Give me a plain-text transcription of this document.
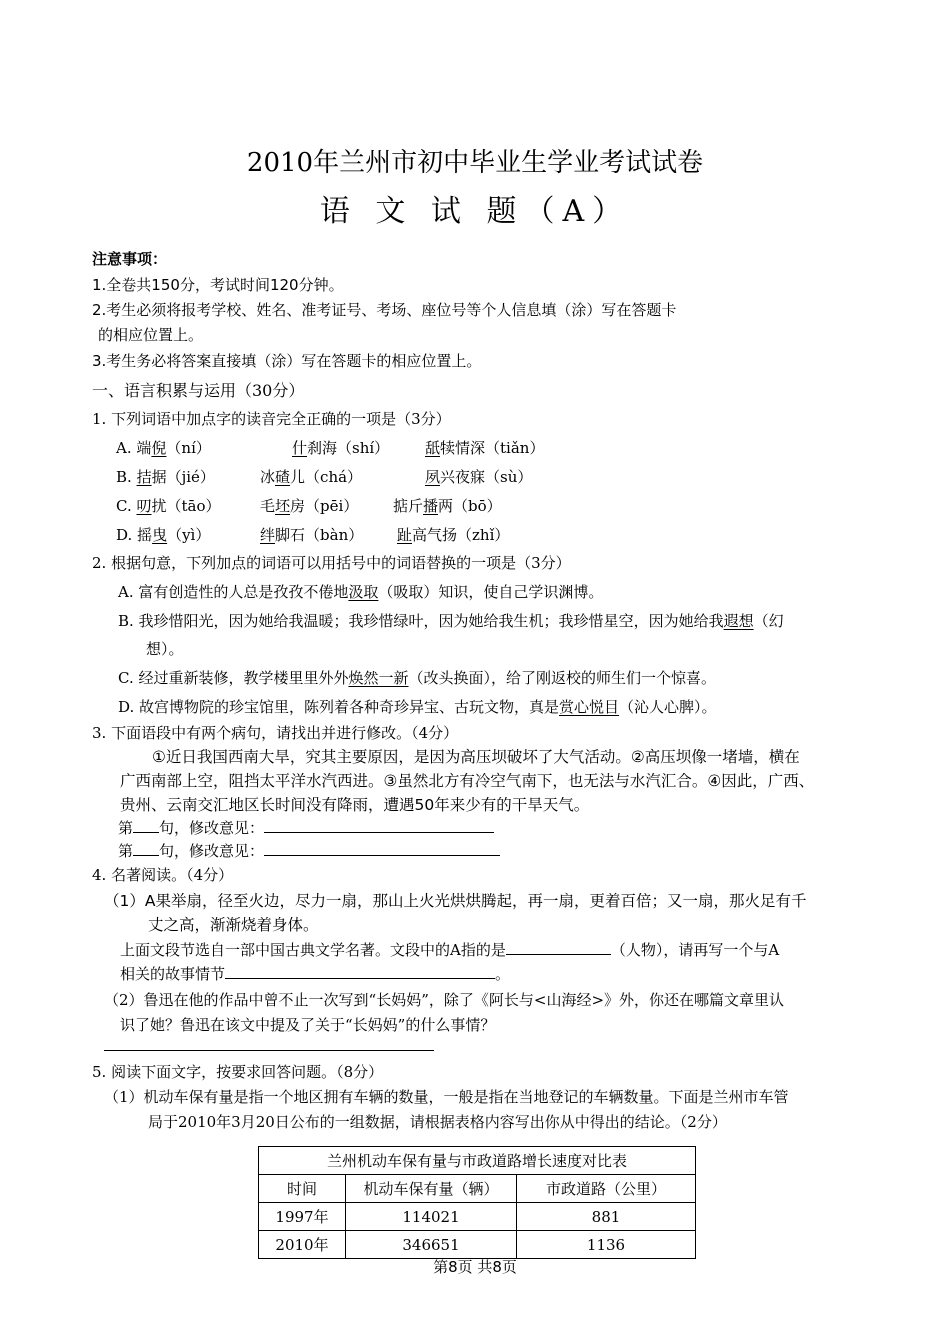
2010年兰州市初中毕业生学业考试试卷
语 文 试 题（A）
注意事项：
1.全卷共150分，考试时间120分钟。
2.考生必须将报考学校、姓名、准考证号、考场、座位号等个人信息填（涂）写在答题卡
的相应位置上。
3.考生务必将答案直接填（涂）写在答题卡的相应位置上。
一、语言积累与运用（30分）
1. 下列词语中加点字的读音完全正确的一项是（3分）
A. 端倪（ní）	什刹海（shí） 舐犊情深（tiǎn）
B. 拮据（jié）	冰碴儿（chá）	夙兴夜寐（sù）
C. 叨扰（tāo）	毛坯房（pēi） 掂斤播两（bō）
D. 摇曳（yì）	绊脚石（bàn） 趾高气扬（zhǐ）
2. 根据句意，下列加点的词语可以用括号中的词语替换的一项是（3分）
A. 富有创造性的人总是孜孜不倦地汲取（吸取）知识，使自己学识渊博。
B. 我珍惜阳光，因为她给我温暖；我珍惜绿叶，因为她给我生机；我珍惜星空，因为她给我遐想（幻
想）。
C. 经过重新装修，教学楼里里外外焕然一新（改头换面），给了刚返校的师生们一个惊喜。
D. 故宫博物院的珍宝馆里，陈列着各种奇珍异宝、古玩文物，真是赏心悦目（沁人心脾）。
3. 下面语段中有两个病句，请找出并进行修改。（4分）
①近日我国西南大旱，究其主要原因，是因为高压坝破坏了大气活动。②高压坝像一堵墙，横在
广西南部上空，阻挡太平洋水汽西进。③虽然北方有冷空气南下，也无法与水汽汇合。④因此，广西、
贵州、云南交汇地区长时间没有降雨，遭遇50年来少有的干旱天气。
第 句，修改意见：
第 句，修改意见：
4. 名著阅读。（4分）
（1）A果举扇，径至火边，尽力一扇，那山上火光烘烘腾起，再一扇，更着百倍；又一扇，那火足有千
丈之高，渐渐烧着身体。
上面文段节选自一部中国古典文学名著。文段中的A指的是	（人物），请再写一个与A
相关的故事情节	。
（2）鲁迅在他的作品中曾不止一次写到“长妈妈”，除了《阿长与<山海经>》外，你还在哪篇文章里认
识了她？鲁迅在该文中提及了关于“长妈妈”的什么事情？
5. 阅读下面文字，按要求回答问题。（8分）
（1）机动车保有量是指一个地区拥有车辆的数量，一般是指在当地登记的车辆数量。下面是兰州市车管
局于2010年3月20日公布的一组数据，请根据表格内容写出你从中得出的结论。（2分）
兰州机动车保有量与市政道路增长速度对比表		
时间	机动车保有量（辆）	市政道路（公里）
1997年	114021	881
2010年	346651	1136
第8页 共8页
